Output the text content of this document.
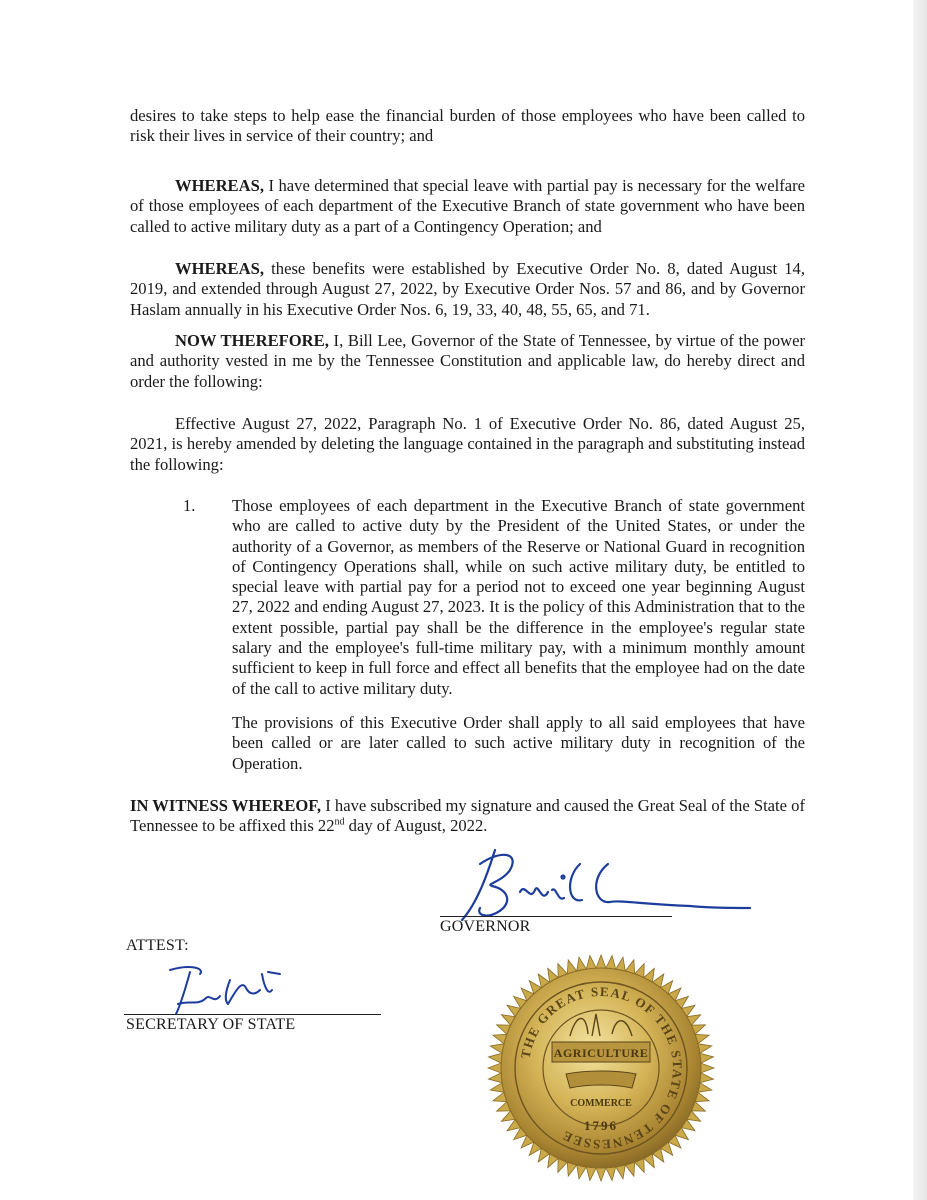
desires to take steps to help ease the financial burden of those employees who have been called to risk their lives in service of their country; and

WHEREAS, I have determined that special leave with partial pay is necessary for the welfare of those employees of each department of the Executive Branch of state government who have been called to active military duty as a part of a Contingency Operation; and

WHEREAS, these benefits were established by Executive Order No. 8, dated August 14, 2019, and extended through August 27, 2022, by Executive Order Nos. 57 and 86, and by Governor Haslam annually in his Executive Order Nos. 6, 19, 33, 40, 48, 55, 65, and 71.

NOW THEREFORE, I, Bill Lee, Governor of the State of Tennessee, by virtue of the power and authority vested in me by the Tennessee Constitution and applicable law, do hereby direct and order the following:

Effective August 27, 2022, Paragraph No. 1 of Executive Order No. 86, dated August 25, 2021, is hereby amended by deleting the language contained in the paragraph and substituting instead the following:

1. Those employees of each department in the Executive Branch of state government who are called to active duty by the President of the United States, or under the authority of a Governor, as members of the Reserve or National Guard in recognition of Contingency Operations shall, while on such active military duty, be entitled to special leave with partial pay for a period not to exceed one year beginning August 27, 2022 and ending August 27, 2023. It is the policy of this Administration that to the extent possible, partial pay shall be the difference in the employee's regular state salary and the employee's full-time military pay, with a minimum monthly amount sufficient to keep in full force and effect all benefits that the employee had on the date of the call to active military duty.

The provisions of this Executive Order shall apply to all said employees that have been called or are later called to such active military duty in recognition of the Operation.

IN WITNESS WHEREOF, I have subscribed my signature and caused the Great Seal of the State of Tennessee to be affixed this 22nd day of August, 2022.

GOVERNOR
ATTEST:
SECRETARY OF STATE
THE GREAT SEAL OF THE STATE OF TENNESSEE
AGRICULTURE
COMMERCE
1796
